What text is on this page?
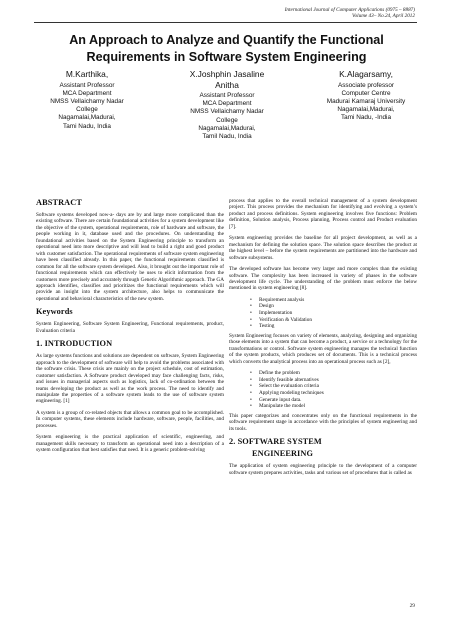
International Journal of Computer Applications (0975 – 8887)
Volume 43– No.24, April 2012
An Approach to Analyze and Quantify the Functional
Requirements in Software System Engineering
M.Karthika,
Assistant Professor
MCA Department
NMSS Vellaichamy Nadar
College
Nagamalai,Madurai,
Tami Nadu, India
X.Joshphin Jasaline
Anitha
Assistant Professor
MCA Department
NMSS Vellaichamy Nadar
College
Nagamalai,Madurai,
Tamil Nadu, India
K.Alagarsamy,
Associate professor
Computer Centre
Madurai Kamaraj University
Nagamalai,Madurai,
Tami Nadu, -India
ABSTRACT

Software systems developed now-a- days are by and large more complicated than the existing software. There are certain foundational activities for a system development like the objective of the system, operational requirements, role of hardware and software, the people working in it, database used and the procedures. On understanding the foundational activities based on the System Engineering principle to transform an operational need into more descriptive and will lead to build a right and good product with customer satisfaction. The operational requirements of software system engineering have been classified already. In this paper, the functional requirements classified is common for all the software system developed. Also, it brought out the important role of functional requirements which can effectively be uses to elicit information from the customers more precisely and accurately through Genetic Algorithmic approach. The GA approach identifies, classifies and prioritizes the functional requirements which will provide an insight into the system architecture, also helps to communicate the operational and behavioral characteristics of the new system.

Keywords

System Engineering, Software System Engineering, Functional requirements, product, Evaluation criteria

1. INTRODUCTION

As large systems functions and solutions are dependent on software, System Engineering approach to the development of software will help to avoid the problems associated with the software crisis. These crisis are mainly on the project schedule, cost of estimation, customer satisfaction. A Software product developed may face challenging facts, risks, and issues in managerial aspects such as logistics, lack of co-ordination between the teams developing the product as well as the work process. The need to identify and manipulate the properties of a software system leads to the use of software system engineering. [1]

A system is a group of co-related objects that allows a common goal to be accomplished. In computer systems, these elements include hardware, software, people, facilities, and processes.

System engineering is the practical application of scientific, engineering, and management skills necessary to transform an operational need into a description of a system configuration that best satisfies that need. It is a generic problem-solving

process that applies to the overall technical management of a system development project. This process provides the mechanism for identifying and evolving a system’s product and process definitions. System engineering involves five functions: Problem definition, Solution analysis, Process planning, Process control and Product evaluation [7].

System engineering provides the baseline for all project development, as well as a mechanism for defining the solution space. The solution space describes the product at the highest level – before the system requirements are partitioned into the hardware and software subsystems.

The developed software has become very larger and more complex than the existing software. The complexity has been increased in variety of phases in the software development life cycle. The understanding of the problem must enforce the below mentioned in system engineering [8].

• Requirement analysis
• Design
• Implementation
• Verification & Validation
• Testing

System Engineering focuses on variety of elements, analyzing, designing and organizing those elements into a system that can become a product, a service or a technology for the transformations or control. Software system engineering manages the technical function of the system products, which produces set of documents. This is a technical process which converts the analytical process into an operational process such as [2],

• Define the problem
• Identify feasible alternatives
• Select the evaluation criteria
• Applying modeling techniques
• Generate input data.
• Manipulate the model

This paper categorizes and concentrates only on the functional requirements in the software requirement stage in accordance with the principles of system engineering and its tools.

2. SOFTWARE SYSTEM
ENGINEERING

The application of system engineering principle to the development of a computer software system prepares activities, tasks and various set of procedures that is called as

29
